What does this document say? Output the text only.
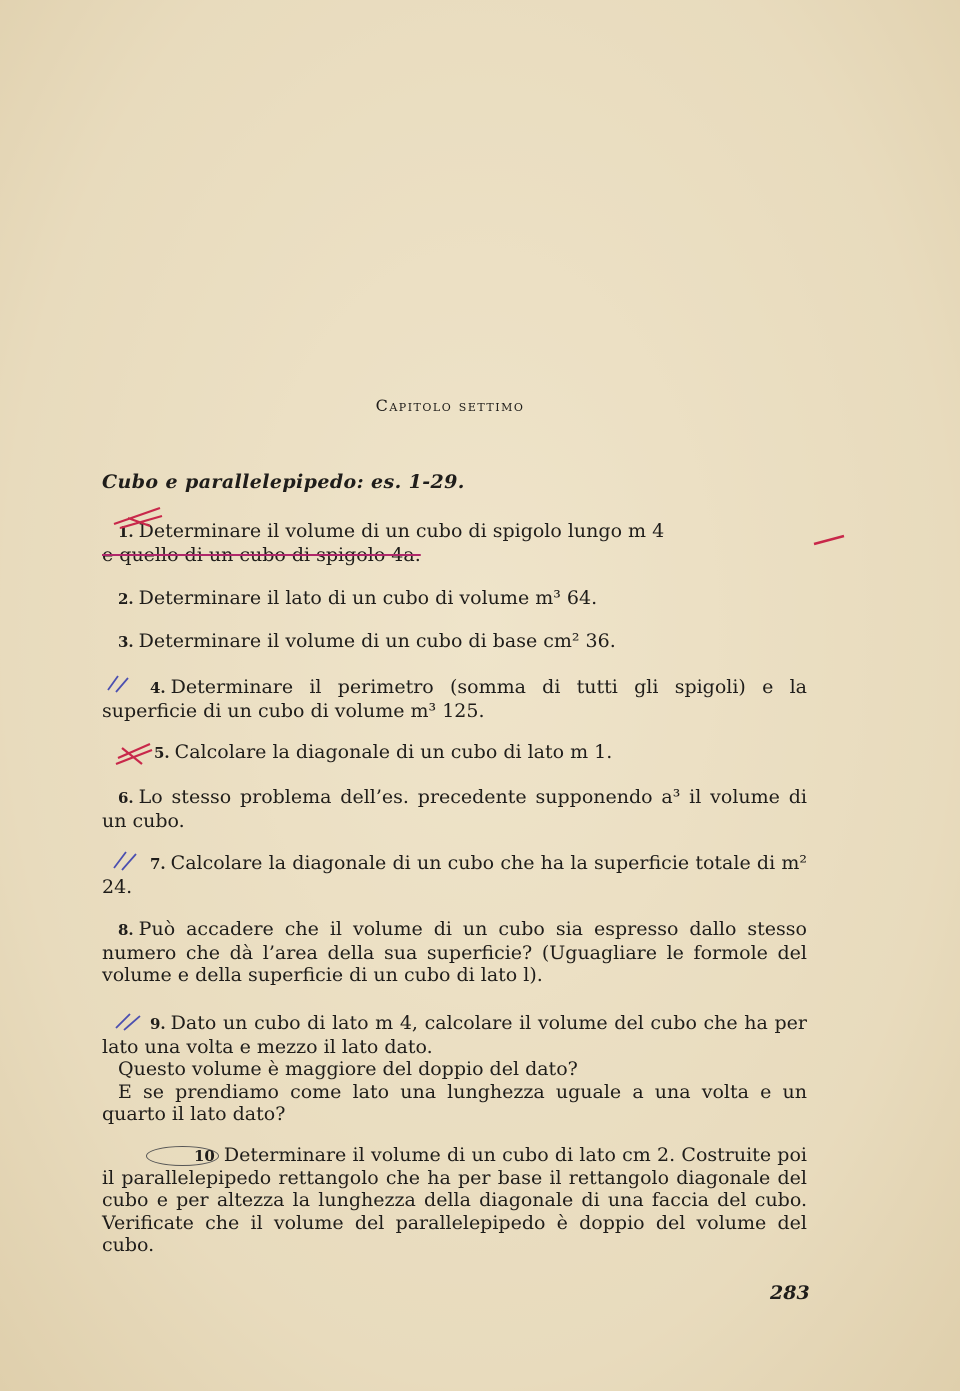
Capitolo settimo
Cubo e parallelepipedo: es. 1-29.

1. Determinare il volume di un cubo di spigolo lungo m 4

e quello di un cubo di spigolo 4a.

2. Determinare il lato di un cubo di volume m³ 64.

3. Determinare il volume di un cubo di base cm² 36.

4. Determinare il perimetro (somma di tutti gli spigoli) e la superficie di un cubo di volume m³ 125.

5. Calcolare la diagonale di un cubo di lato m 1.

6. Lo stesso problema dell’es. precedente supponendo a³ il volume di un cubo.

7. Calcolare la diagonale di un cubo che ha la superficie totale di m² 24.

8. Può accadere che il volume di un cubo sia espresso dallo stesso numero che dà l’area della sua superficie? (Uguagliare le formole del volume e della superficie di un cubo di lato l).

9. Dato un cubo di lato m 4, calcolare il volume del cubo che ha per lato una volta e mezzo il lato dato.

Questo volume è maggiore del doppio del dato?

E se prendiamo come lato una lunghezza uguale a una volta e un quarto il lato dato?

10 Determinare il volume di un cubo di lato cm 2. Costruite poi il parallelepipedo rettangolo che ha per base il rettangolo diagonale del cubo e per altezza la lunghezza della diagonale di una faccia del cubo. Verificate che il volume del parallelepipedo è doppio del volume del cubo.

283
